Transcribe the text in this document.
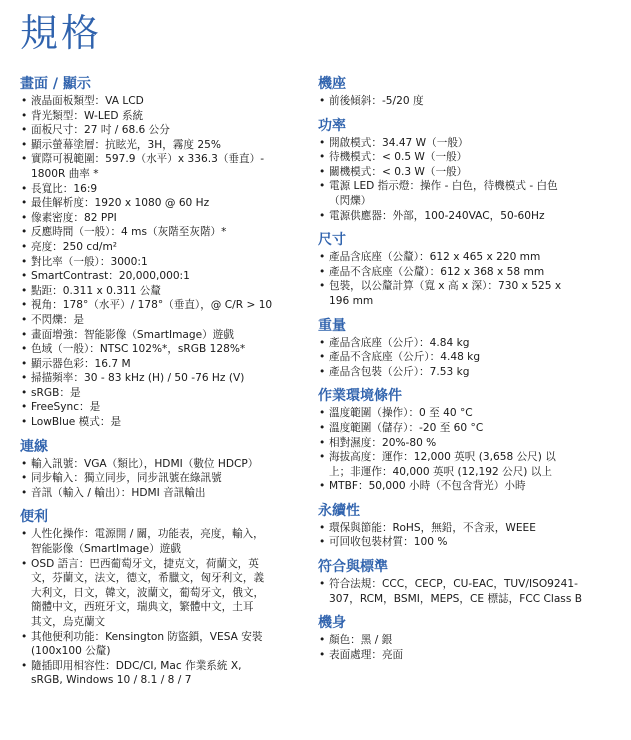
規格
畫面 / 顯示
• 液晶面板類型：VA LCD
• 背光類型：W-LED 系統
• 面板尺寸：27 吋 / 68.6 公分
• 顯示螢幕塗層：抗眩光，3H，霧度 25%
• 實際可視範圍：597.9（水平）x 336.3（垂直）-
1800R 曲率 *
• 長寬比：16:9
• 最佳解析度：1920 x 1080 @ 60 Hz
• 像素密度：82 PPI
• 反應時間（一般）：4 ms（灰階至灰階）*
• 亮度：250 cd/m²
• 對比率（一般）：3000:1
• SmartContrast：20,000,000:1
• 點距：0.311 x 0.311 公釐
• 視角：178°（水平）/ 178°（垂直），@ C/R > 10
• 不閃爍：是
• 畫面增強：智能影像（SmartImage）遊戲
• 色域（一般）：NTSC 102%*，sRGB 128%*
• 顯示器色彩：16.7 M
• 掃描頻率：30 - 83 kHz (H) / 50 -76 Hz (V)
• sRGB：是
• FreeSync：是
• LowBlue 模式：是
連線
• 輸入訊號：VGA（類比），HDMI（數位 HDCP）
• 同步輸入：獨立同步，同步訊號在綠訊號
• 音訊（輸入 / 輸出）：HDMI 音訊輸出
便利
• 人性化操作：電源開 / 關，功能表，亮度，輸入，
智能影像（SmartImage）遊戲
• OSD 語言：巴西葡萄牙文，捷克文，荷蘭文，英
文，芬蘭文，法文，德文，希臘文，匈牙利文，義
大利文，日文，韓文，波蘭文，葡萄牙文，俄文，
簡體中文，西班牙文，瑞典文，繁體中文，土耳
其文，烏克蘭文
• 其他便利功能：Kensington 防盜鎖，VESA 安裝
(100x100 公釐)
• 隨插即用相容性：DDC/CI, Mac 作業系統 X,
sRGB, Windows 10 / 8.1 / 8 / 7
機座
• 前後傾斜：-5/20 度
功率
• 開啟模式：34.47 W（一般）
• 待機模式：< 0.5 W（一般）
• 關機模式：< 0.3 W（一般）
• 電源 LED 指示燈：操作 - 白色，待機模式 - 白色
（閃爍）
• 電源供應器：外部，100-240VAC，50-60Hz
尺寸
• 產品含底座（公釐）：612 x 465 x 220 mm
• 產品不含底座（公釐）：612 x 368 x 58 mm
• 包裝，以公釐計算（寬 x 高 x 深）：730 x 525 x
196 mm
重量
• 產品含底座（公斤）：4.84 kg
• 產品不含底座（公斤）：4.48 kg
• 產品含包裝（公斤）：7.53 kg
作業環境條件
• 溫度範圍（操作）：0 至 40 °C
• 溫度範圍（儲存）：-20 至 60 °C
• 相對濕度：20%-80 %
• 海拔高度：運作：12,000 英呎 (3,658 公尺) 以
上；非運作：40,000 英呎 (12,192 公尺) 以上
• MTBF：50,000 小時（不包含背光）小時
永續性
• 環保與節能：RoHS，無鉛，不含汞，WEEE
• 可回收包裝材質：100 %
符合與標準
• 符合法規：CCC，CECP，CU-EAC，TUV/ISO9241-
307，RCM，BSMI，MEPS，CE 標誌，FCC Class B
機身
• 顏色：黑 / 銀
• 表面處理：亮面
